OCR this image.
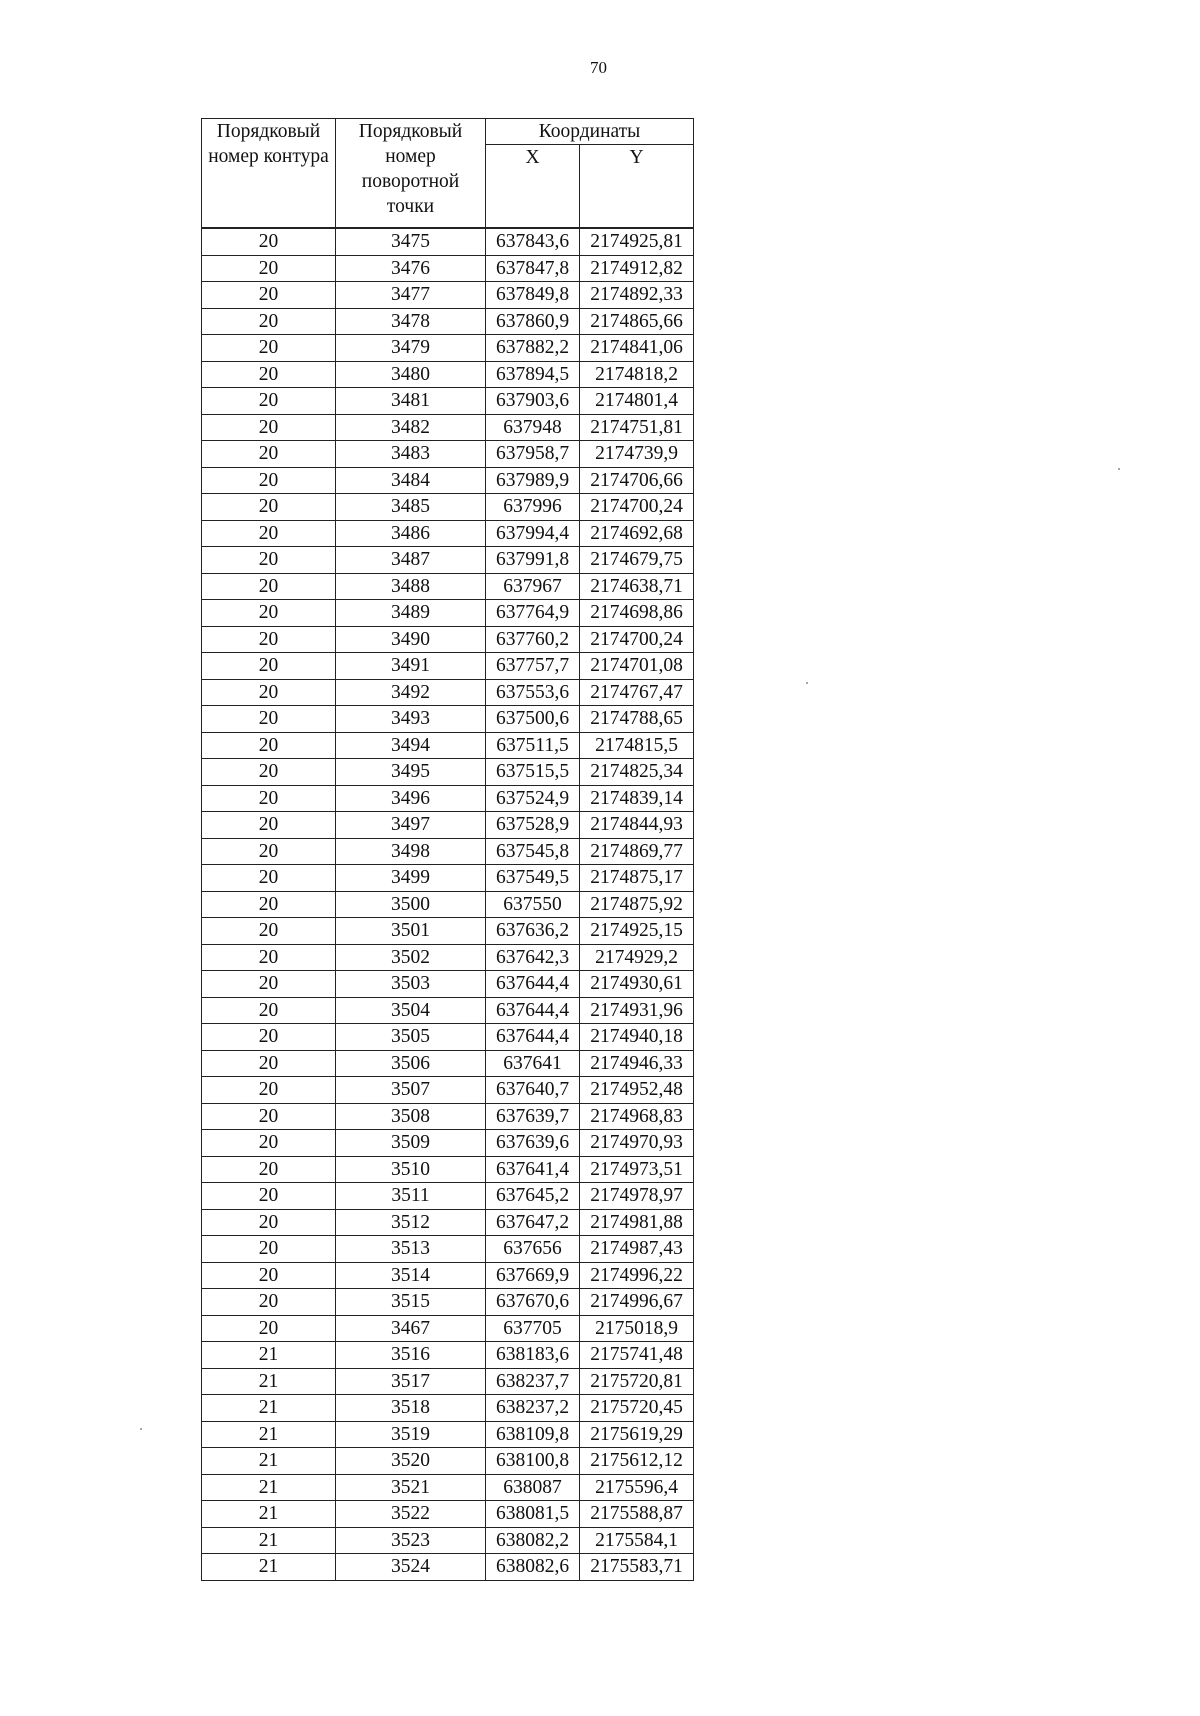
70
Порядковый номер контура	Порядковый номер поворотной точки	Координаты	
		X	Y
20	3475	637843,6	2174925,81
20	3476	637847,8	2174912,82
20	3477	637849,8	2174892,33
20	3478	637860,9	2174865,66
20	3479	637882,2	2174841,06
20	3480	637894,5	2174818,2
20	3481	637903,6	2174801,4
20	3482	637948	2174751,81
20	3483	637958,7	2174739,9
20	3484	637989,9	2174706,66
20	3485	637996	2174700,24
20	3486	637994,4	2174692,68
20	3487	637991,8	2174679,75
20	3488	637967	2174638,71
20	3489	637764,9	2174698,86
20	3490	637760,2	2174700,24
20	3491	637757,7	2174701,08
20	3492	637553,6	2174767,47
20	3493	637500,6	2174788,65
20	3494	637511,5	2174815,5
20	3495	637515,5	2174825,34
20	3496	637524,9	2174839,14
20	3497	637528,9	2174844,93
20	3498	637545,8	2174869,77
20	3499	637549,5	2174875,17
20	3500	637550	2174875,92
20	3501	637636,2	2174925,15
20	3502	637642,3	2174929,2
20	3503	637644,4	2174930,61
20	3504	637644,4	2174931,96
20	3505	637644,4	2174940,18
20	3506	637641	2174946,33
20	3507	637640,7	2174952,48
20	3508	637639,7	2174968,83
20	3509	637639,6	2174970,93
20	3510	637641,4	2174973,51
20	3511	637645,2	2174978,97
20	3512	637647,2	2174981,88
20	3513	637656	2174987,43
20	3514	637669,9	2174996,22
20	3515	637670,6	2174996,67
20	3467	637705	2175018,9
21	3516	638183,6	2175741,48
21	3517	638237,7	2175720,81
21	3518	638237,2	2175720,45
21	3519	638109,8	2175619,29
21	3520	638100,8	2175612,12
21	3521	638087	2175596,4
21	3522	638081,5	2175588,87
21	3523	638082,2	2175584,1
21	3524	638082,6	2175583,71
